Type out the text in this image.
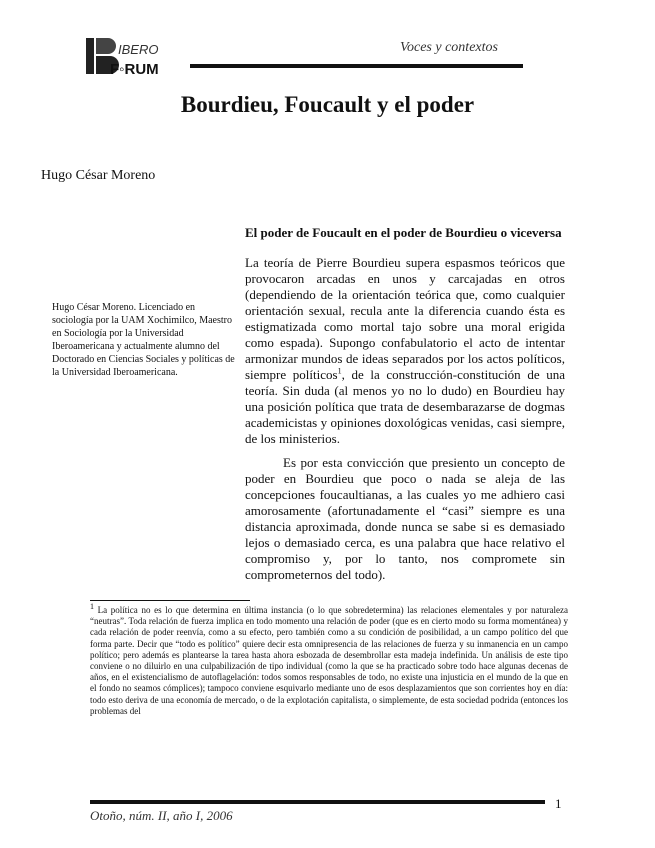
IBERO
F◦RUM
Voces y contextos
Bourdieu, Foucault y el poder
Hugo César Moreno
El poder de Foucault en el poder de Bourdieu o viceversa
Hugo César Moreno. Licenciado en sociología por la UAM Xochimilco, Maestro en Sociología por la Universidad Iberoamericana y actualmente alumno del Doctorado en Ciencias Sociales y políticas de la Universidad Iberoamericana.

La teoría de Pierre Bourdieu supera espasmos teóricos que provocaron arcadas en unos y carcajadas en otros (dependiendo de la orientación teórica que, como cualquier orientación sexual, recula ante la diferencia cuando ésta es estigmatizada como mortal tajo sobre una moral erigida como espada). Supongo confabulatorio el acto de intentar armonizar mundos de ideas separados por los actos políticos, siempre políticos$^1$, de la construcción-constitución de una teoría. Sin duda (al menos yo no lo dudo) en Bourdieu hay una posición política que trata de desembarazarse de dogmas academicistas y opiniones doxológicas venidas, casi siempre, de los ministerios.

Es por esta convicción que presiento un concepto de poder en Bourdieu que poco o nada se aleja de las concepciones foucaultianas, a las cuales yo me adhiero casi amorosamente (afortunadamente el “casi” siempre es una distancia aproximada, donde nunca se sabe si es demasiado lejos o demasiado cerca, es una palabra que hace relativo el compromiso y, por lo tanto, nos compromete sin comprometernos del todo).

$^1$ La política no es lo que determina en última instancia (o lo que sobredetermina) las relaciones elementales y por naturaleza “neutras”. Toda relación de fuerza implica en todo momento una relación de poder (que es en cierto modo su forma momentánea) y cada relación de poder reenvía, como a su efecto, pero también como a su condición de posibilidad, a un campo político del que forma parte. Decir que “todo es político” quiere decir esta omnipresencia de las relaciones de fuerza y su inmanencia en un campo político; pero además es plantearse la tarea hasta ahora esbozada de desembrollar esta madeja indefinida. Un análisis de este tipo conviene o no diluirlo en una culpabilización de tipo individual (como la que se ha practicado sobre todo hace algunas decenas de años, en el existencialismo de autoflagelación: todos somos responsables de todo, no existe una injusticia en el mundo de la que en el fondo no seamos cómplices); tampoco conviene esquivarlo mediante uno de esos desplazamientos que son corrientes hoy en día: todo esto deriva de una economía de mercado, o de la explotación capitalista, o simplemente, de esta sociedad podrida (entonces los problemas del
1
Otoño, núm. II, año I, 2006
